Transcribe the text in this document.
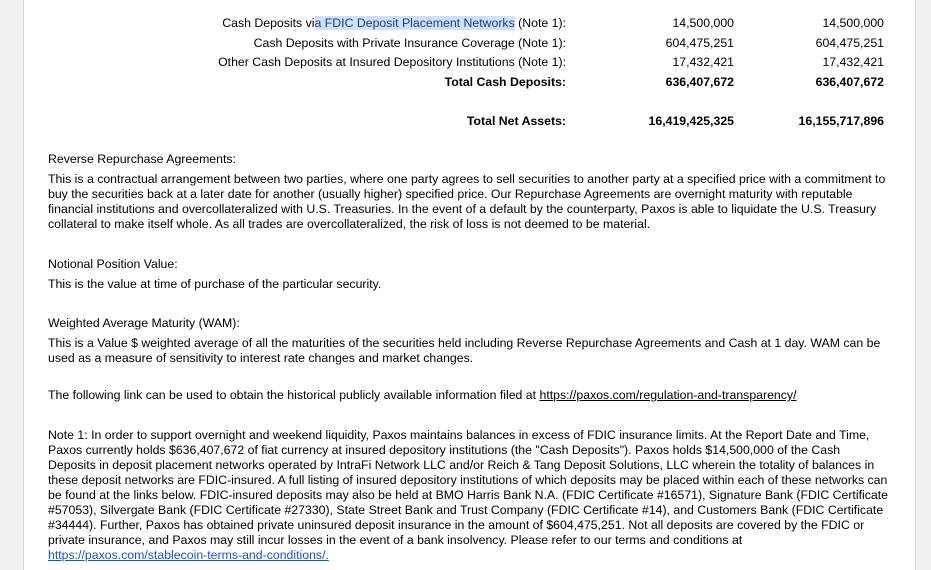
Cash Deposits via FDIC Deposit Placement Networks (Note 1):	14,500,000	14,500,000
Cash Deposits with Private Insurance Coverage (Note 1):	604,475,251	604,475,251
Other Cash Deposits at Insured Depository Institutions (Note 1):	17,432,421	17,432,421
Total Cash Deposits:	636,407,672	636,407,672
Total Net Assets:	16,419,425,325	16,155,717,896

Reverse Repurchase Agreements:

This is a contractual arrangement between two parties, where one party agrees to sell securities to another party at a specified price with a commitment to buy the securities back at a later date for another (usually higher) specified price. Our Repurchase Agreements are overnight maturity with reputable financial institutions and overcollateralized with U.S. Treasuries. In the event of a default by the counterparty, Paxos is able to liquidate the U.S. Treasury collateral to make itself whole. As all trades are overcollateralized, the risk of loss is not deemed to be material.

Notional Position Value:

This is the value at time of purchase of the particular security.

Weighted Average Maturity (WAM):

This is a Value $ weighted average of all the maturities of the securities held including Reverse Repurchase Agreements and Cash at 1 day. WAM can be used as a measure of sensitivity to interest rate changes and market changes.

The following link can be used to obtain the historical publicly available information filed at https://paxos.com/regulation-and-transparency/

Note 1: In order to support overnight and weekend liquidity, Paxos maintains balances in excess of FDIC insurance limits. At the Report Date and Time, Paxos currently holds $636,407,672 of fiat currency at insured depository institutions (the "Cash Deposits"). Paxos holds $14,500,000 of the Cash Deposits in deposit placement networks operated by IntraFi Network LLC and/or Reich & Tang Deposit Solutions, LLC wherein the totality of balances in these deposit networks are FDIC-insured. A full listing of insured depository institutions of which deposits may be placed within each of these networks can be found at the links below. FDIC-insured deposits may also be held at BMO Harris Bank N.A. (FDIC Certificate #16571), Signature Bank (FDIC Certificate #57053), Silvergate Bank (FDIC Certificate #27330), State Street Bank and Trust Company (FDIC Certificate #14), and Customers Bank (FDIC Certificate #34444). Further, Paxos has obtained private uninsured deposit insurance in the amount of $604,475,251. Not all deposits are covered by the FDIC or private insurance, and Paxos may still incur losses in the event of a bank insolvency. Please refer to our terms and conditions at
https://paxos.com/stablecoin-terms-and-conditions/.
